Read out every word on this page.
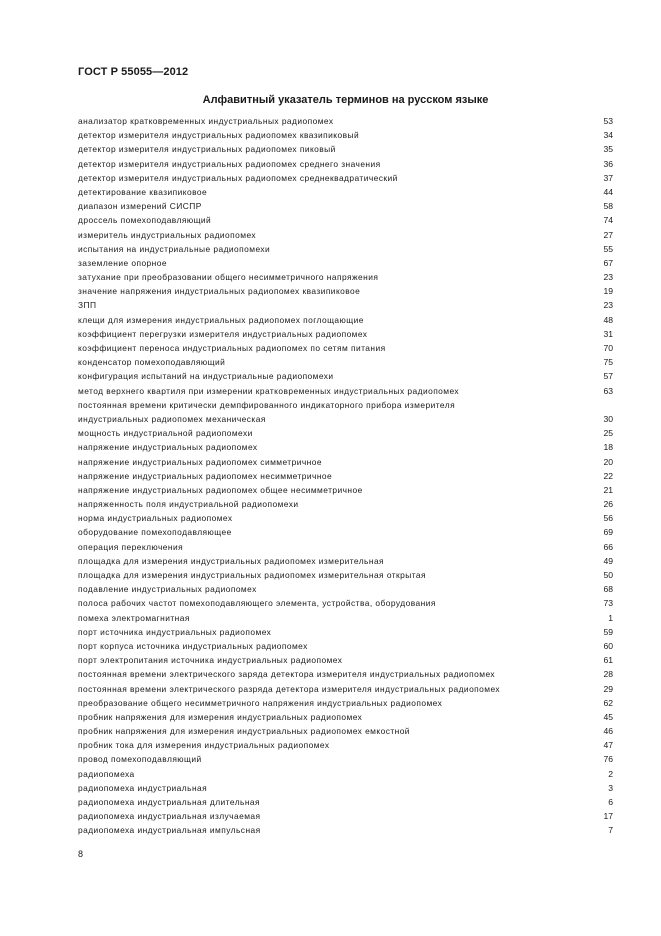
ГОСТ Р 55055—2012
Алфавитный указатель терминов на русском языке
анализатор кратковременных индустриальных радиопомех	53
детектор измерителя индустриальных радиопомех квазипиковый	34
детектор измерителя индустриальных радиопомех пиковый	35
детектор измерителя индустриальных радиопомех среднего значения	36
детектор измерителя индустриальных радиопомех среднеквадратический	37
детектирование квазипиковое	44
диапазон измерений СИСПР	58
дроссель помехоподавляющий	74
измеритель индустриальных радиопомех	27
испытания на индустриальные радиопомехи	55
заземление опорное	67
затухание при преобразовании общего несимметричного напряжения	23
значение напряжения индустриальных радиопомех квазипиковое	19
ЗПП	23
клещи для измерения индустриальных радиопомех поглощающие	48
коэффициент перегрузки измерителя индустриальных радиопомех	31
коэффициент переноса индустриальных радиопомех по сетям питания	70
конденсатор помехоподавляющий	75
конфигурация испытаний на индустриальные радиопомехи	57
метод верхнего квартиля при измерении кратковременных индустриальных радиопомех	63
постоянная времени критически демпфированного индикаторного прибора измерителя
индустриальных радиопомех механическая	30
мощность индустриальной радиопомехи	25
напряжение индустриальных радиопомех	18
напряжение индустриальных радиопомех симметричное	20
напряжение индустриальных радиопомех несимметричное	22
напряжение индустриальных радиопомех общее несимметричное	21
напряженность поля индустриальной радиопомехи	26
норма индустриальных радиопомех	56
оборудование помехоподавляющее	69
операция переключения	66
площадка для измерения индустриальных радиопомех измерительная	49
площадка для измерения индустриальных радиопомех измерительная открытая	50
подавление индустриальных радиопомех	68
полоса рабочих частот помехоподавляющего элемента, устройства, оборудования	73
помеха электромагнитная	1
порт источника индустриальных радиопомех	59
порт корпуса источника индустриальных радиопомех	60
порт электропитания источника индустриальных радиопомех	61
постоянная времени электрического заряда детектора измерителя индустриальных радиопомех	28
постоянная времени электрического разряда детектора измерителя индустриальных радиопомех	29
преобразование общего несимметричного напряжения индустриальных радиопомех	62
пробник напряжения для измерения индустриальных радиопомех	45
пробник напряжения для измерения индустриальных радиопомех емкостной	46
пробник тока для измерения индустриальных радиопомех	47
провод помехоподавляющий	76
радиопомеха	2
радиопомеха индустриальная	3
радиопомеха индустриальная длительная	6
радиопомеха индустриальная излучаемая	17
радиопомеха индустриальная импульсная	7
8
